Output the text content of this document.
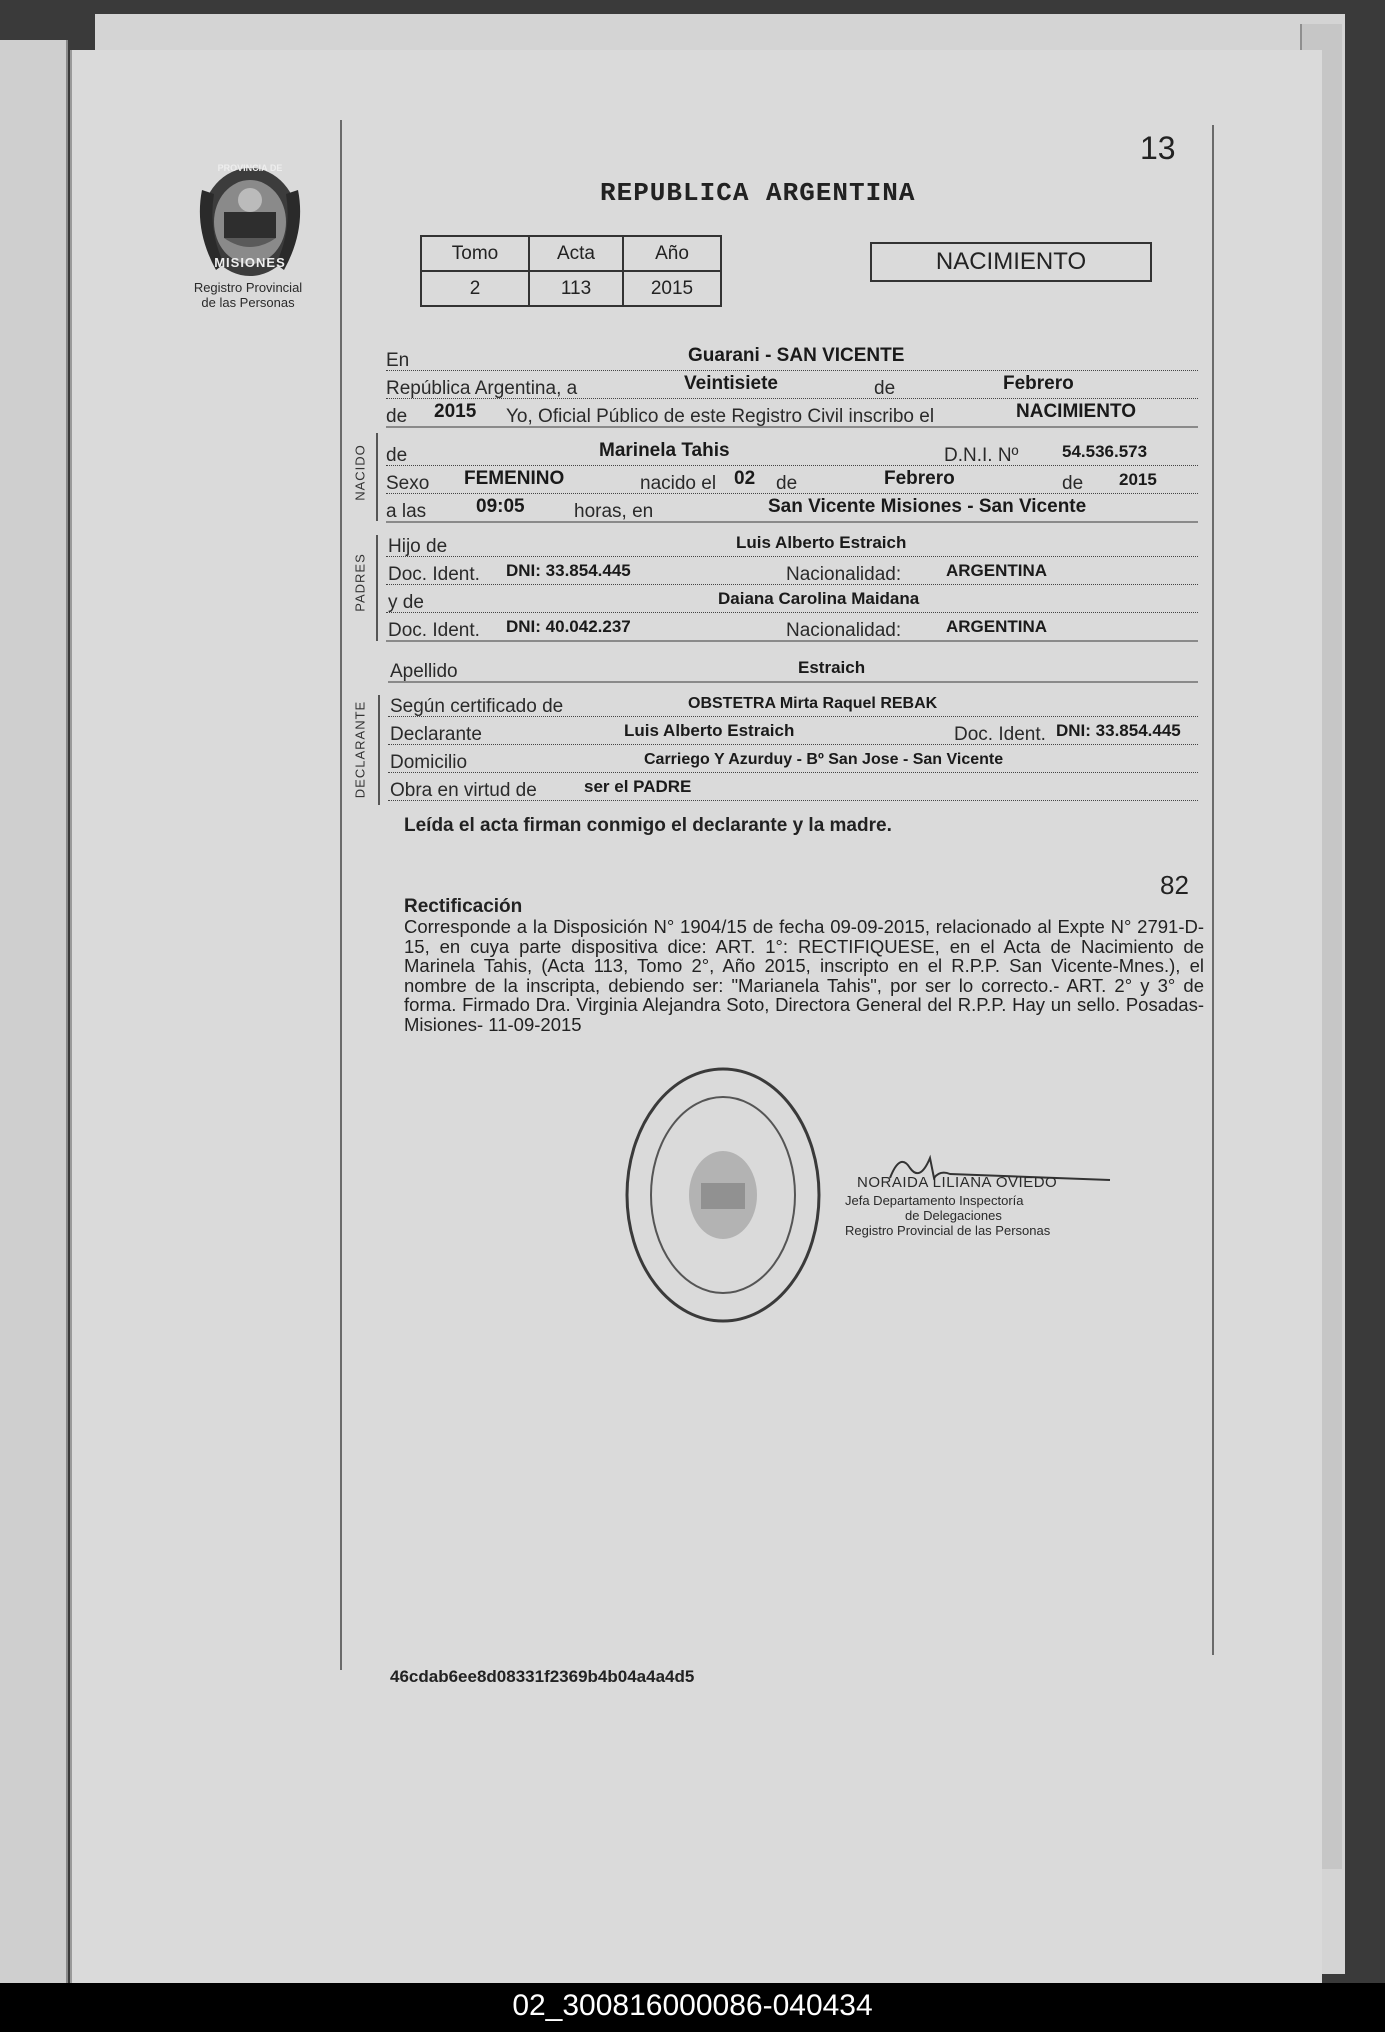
PROVINCIA DE
MISIONES
Registro Provincial
de las Personas
13
REPUBLICA ARGENTINA
Tomo	Acta	Año
2	113	2015
NACIMIENTO
En	Guarani - SAN VICENTE
República Argentina, a	Veintisiete	de	Febrero
de 2015 Yo, Oficial Público de este Registro Civil inscribo el	NACIMIENTO
NACIDO de	Marinela Tahis	D.N.I. Nº	54.536.573
Sexo FEMENINO	nacido el 02 de	Febrero	de 2015
a las	09:05	horas, en	San Vicente Misiones - San Vicente
PADRES
Hijo de	Luis Alberto Estraich
Doc. Ident. DNI: 33.854.445	Nacionalidad:	ARGENTINA
y de	Daiana Carolina Maidana
Doc. Ident. DNI: 40.042.237	Nacionalidad:	ARGENTINA
Apellido	Estraich
DECLARANTE Según certificado de	OBSTETRA Mirta Raquel REBAK
Declarante	Luis Alberto Estraich	Doc. Ident. DNI: 33.854.445
Domicilio	Carriego Y Azurduy - Bº San Jose - San Vicente
Obra en virtud de	ser el PADRE
Leída el acta firman conmigo el declarante y la madre.
82
Rectificación
Corresponde a la Disposición N° 1904/15 de fecha 09-09-2015, relacionado al Expte N° 2791-D-15, en cuya parte dispositiva dice: ART. 1°: RECTIFIQUESE, en el Acta de Nacimiento de Marinela Tahis, (Acta 113, Tomo 2°, Año 2015, inscripto en el R.P.P. San Vicente-Mnes.), el nombre de la inscripta, debiendo ser: "Marianela Tahis", por ser lo correcto.- ART. 2° y 3° de forma. Firmado Dra. Virginia Alejandra Soto, Directora General del R.P.P. Hay un sello. Posadas- Misiones- 11-09-2015
NORAIDA LILIANA OVIEDO
Jefa Departamento Inspectoría
de Delegaciones
Registro Provincial de las Personas
46cdab6ee8d08331f2369b4b04a4a4d5
02_300816000086-040434
